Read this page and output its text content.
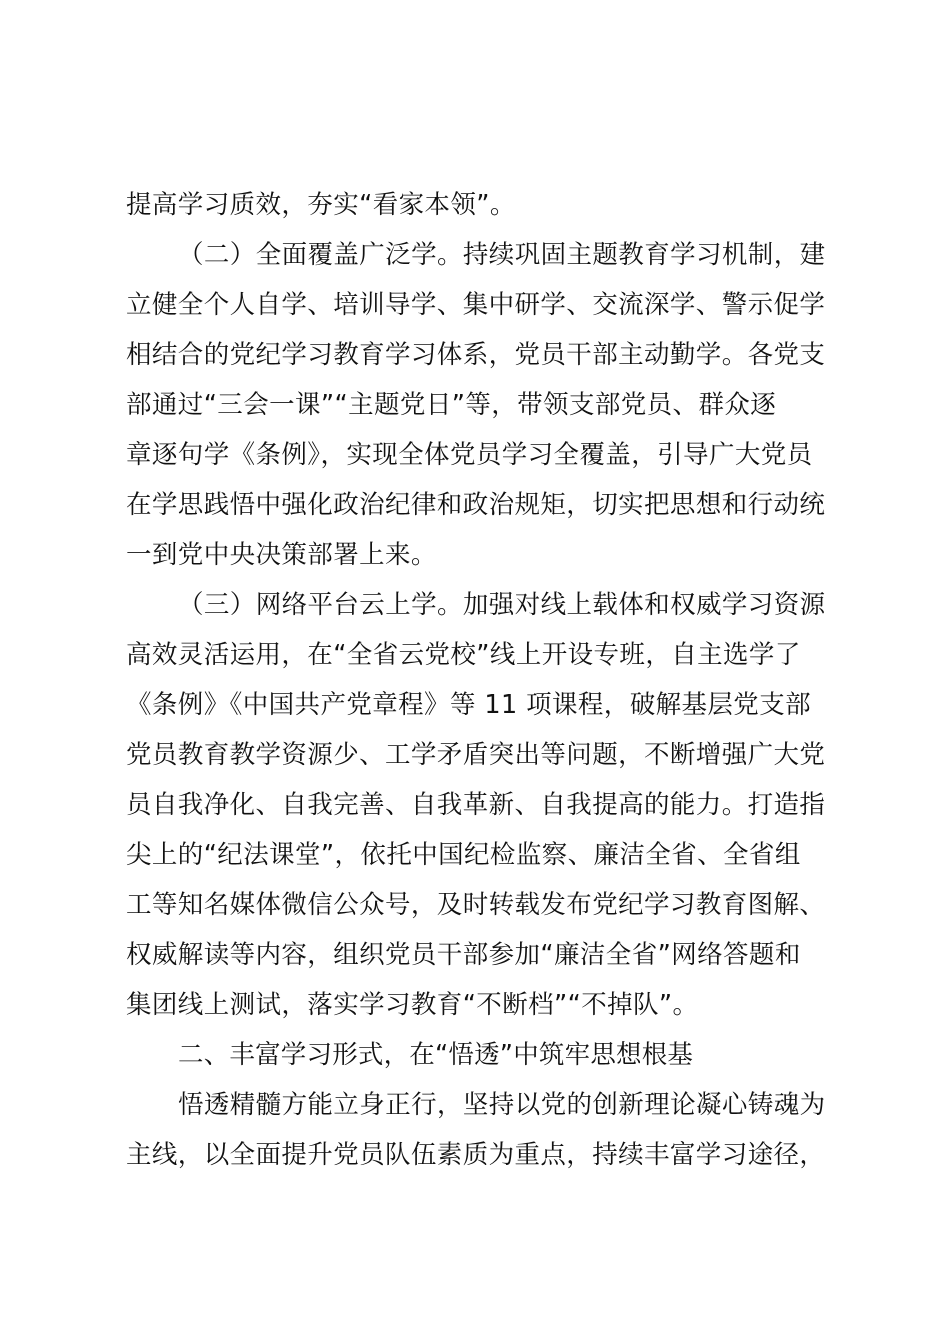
提高学习质效，夯实“看家本领”。
（二）全面覆盖广泛学。持续巩固主题教育学习机制，建
立健全个人自学、培训导学、集中研学、交流深学、警示促学
相结合的党纪学习教育学习体系，党员干部主动勤学。各党支
部通过“三会一课”“主题党日”等，带领支部党员、群众逐
章逐句学《条例》，实现全体党员学习全覆盖，引导广大党员
在学思践悟中强化政治纪律和政治规矩，切实把思想和行动统
一到党中央决策部署上来。
（三）网络平台云上学。加强对线上载体和权威学习资源
高效灵活运用，在“全省云党校”线上开设专班，自主选学了
《条例》《中国共产党章程》等 11 项课程，破解基层党支部
党员教育教学资源少、工学矛盾突出等问题，不断增强广大党
员自我净化、自我完善、自我革新、自我提高的能力。打造指
尖上的“纪法课堂”，依托中国纪检监察、廉洁全省、全省组
工等知名媒体微信公众号，及时转载发布党纪学习教育图解、
权威解读等内容，组织党员干部参加“廉洁全省”网络答题和
集团线上测试，落实学习教育“不断档”“不掉队”。
二、丰富学习形式，在“悟透”中筑牢思想根基
悟透精髓方能立身正行，坚持以党的创新理论凝心铸魂为
主线，以全面提升党员队伍素质为重点，持续丰富学习途径，
